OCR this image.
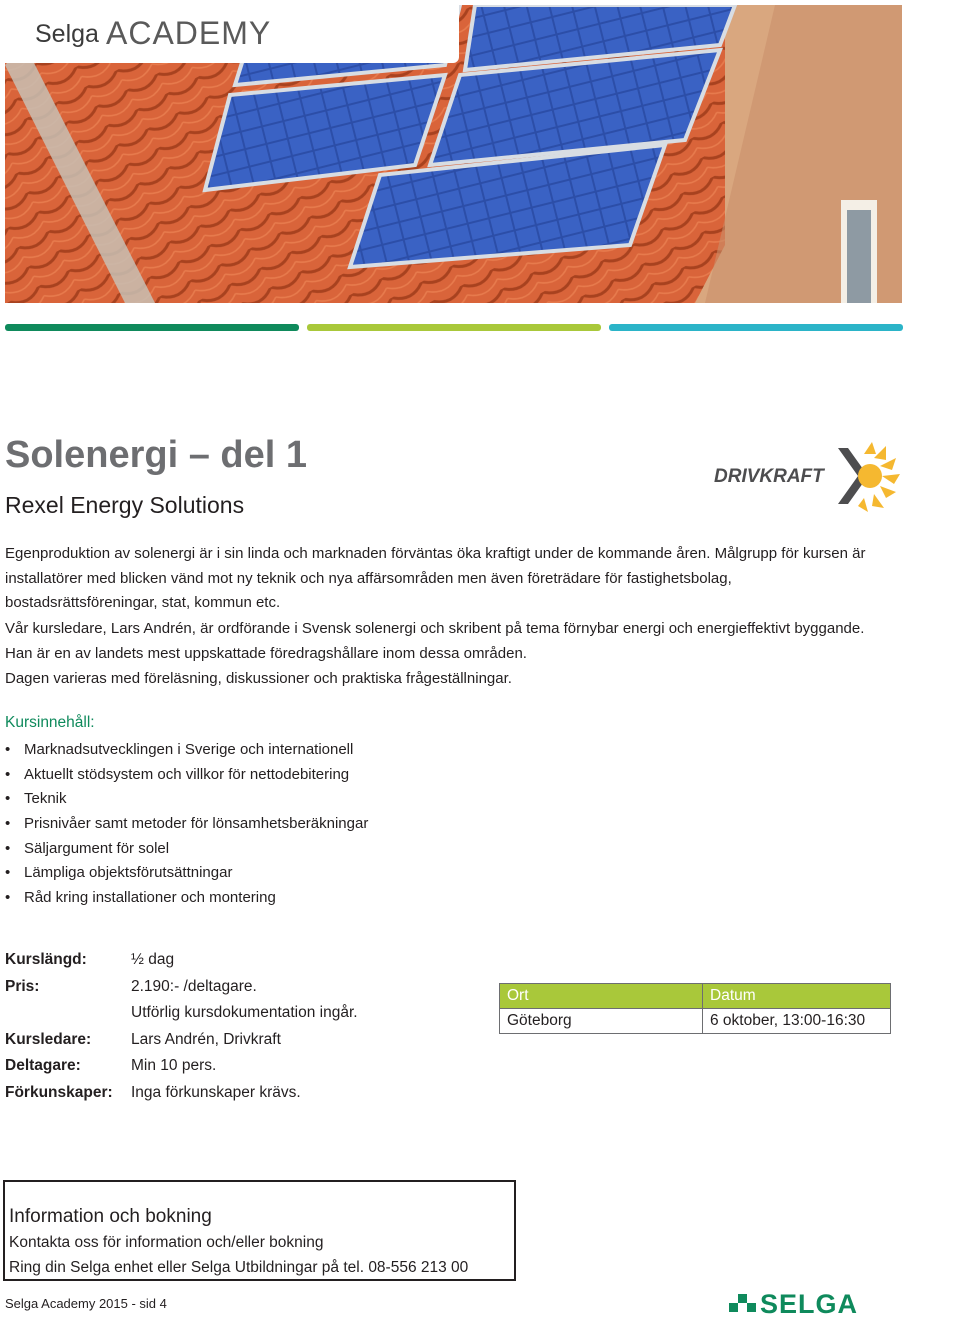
Selga ACADEMY
Solenergi – del 1
Rexel Energy Solutions
DRIVKRAFT
Egenproduktion av solenergi är i sin linda och marknaden förväntas öka kraftigt under de kommande åren. Målgrupp för kursen är installatörer med blicken vänd mot ny teknik och nya affärsområden men även företrädare för fastighetsbolag, bostadsrättsföreningar, stat, kommun etc.
Vår kursledare, Lars Andrén, är ordförande i Svensk solenergi och skribent på tema förnybar energi och energieffektivt byggande. Han är en av landets mest uppskattade föredragshållare inom dessa områden.
Dagen varieras med föreläsning, diskussioner och praktiska frågeställningar.
Kursinnehåll:
• Marknadsutvecklingen i Sverige och internationell
• Aktuellt stödsystem och villkor för nettodebitering
• Teknik
• Prisnivåer samt metoder för lönsamhetsberäkningar
• Säljargument för solel
• Lämpliga objektsförutsättningar
• Råd kring installationer och montering
Kurslängd:	½ dag
Pris:	2.190:- /deltagare.
Utförlig kursdokumentation ingår.
Kursledare:	Lars Andrén, Drivkraft
Deltagare:	Min 10 pers.
Förkunskaper: Inga förkunskaper krävs.
Ort	Datum
Göteborg	6 oktober, 13:00-16:30
Information och bokning
Kontakta oss för information och/eller bokning
Ring din Selga enhet eller Selga Utbildningar på tel. 08-556 213 00
Selga Academy 2015 - sid 4	SELGA
